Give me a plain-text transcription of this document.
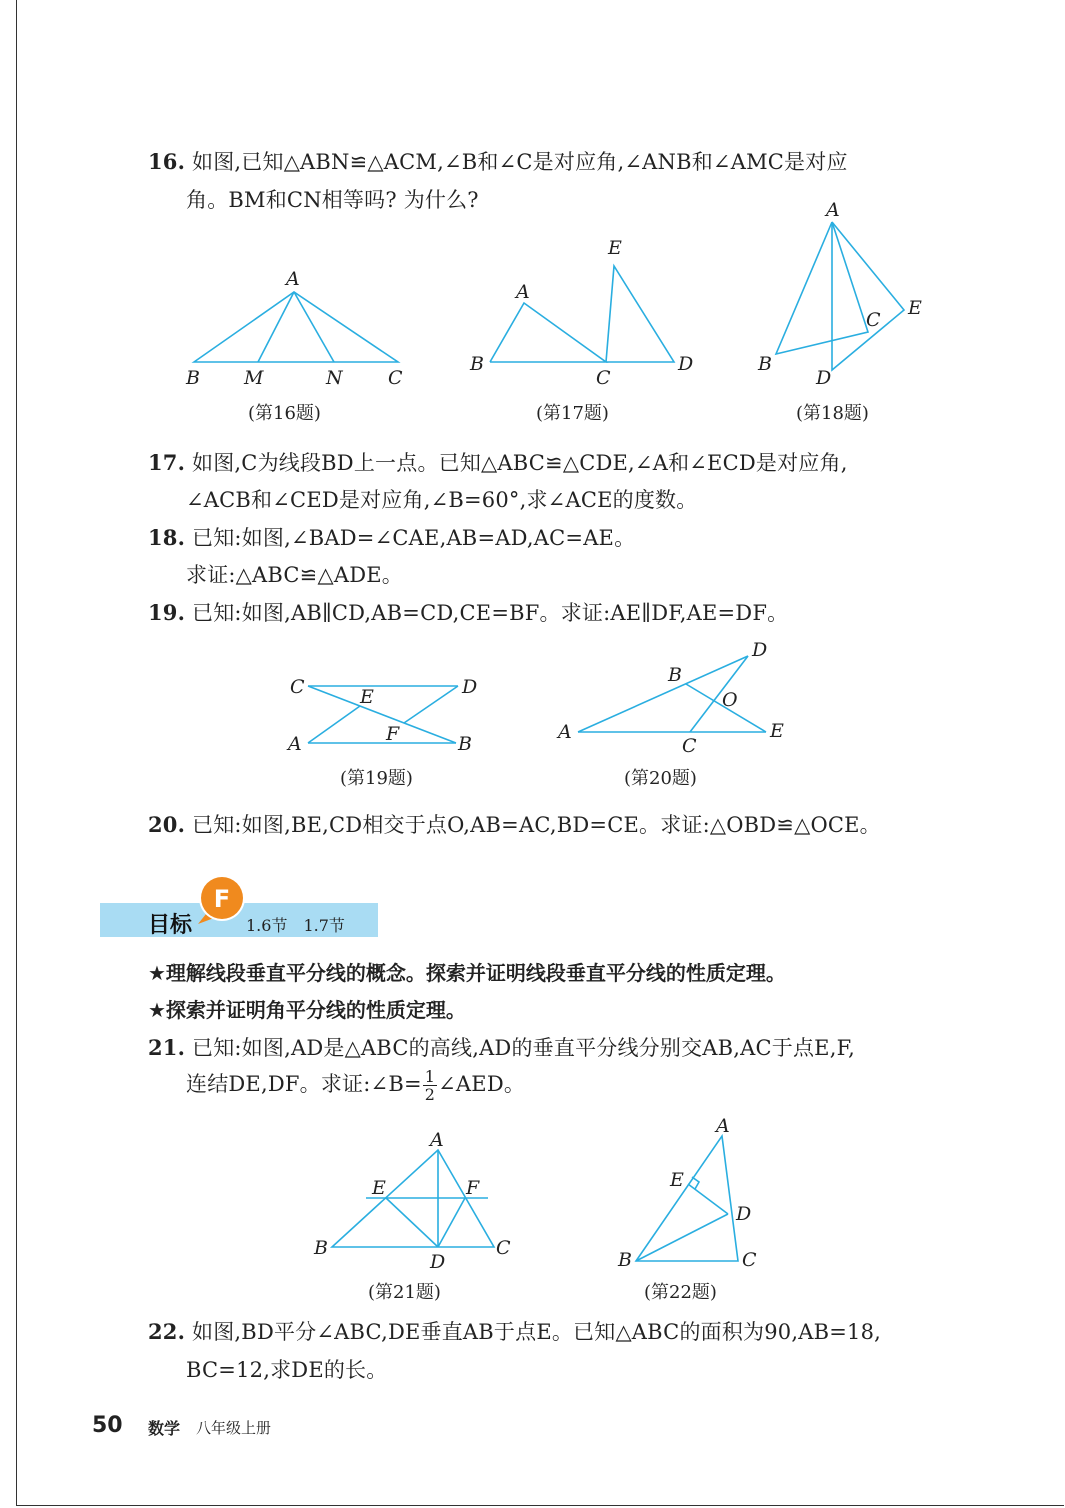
16. 如图,已知△ABN≌△ACM,∠B和∠C是对应角,∠ANB和∠AMC是对应
角。BM和CN相等吗? 为什么?
A
B M	N C
(第16题)
A
B
C
D
E
(第17题)
A
B
C
D
E
(第18题)
17. 如图,C为线段BD上一点。已知△ABC≌△CDE,∠A和∠ECD是对应角,
∠ACB和∠CED是对应角,∠B=60°,求∠ACE的度数。
18. 已知:如图,∠BAD=∠CAE,AB=AD,AC=AE。
求证:△ABC≌△ADE。
19. 已知:如图,AB∥CD,AB=CD,CE=BF。求证:AE∥DF,AE=DF。
C	D
E
F
A	B
(第19题)
D
B
O
A
C
E
(第20题)
20. 已知:如图,BE,CD相交于点O,AB=AC,BD=CE。求证:△OBD≌△OCE。
目标	1.6节　1.7节
F
★理解线段垂直平分线的概念。探索并证明线段垂直平分线的性质定理。
★探索并证明角平分线的性质定理。
21. 已知:如图,AD是△ABC的高线,AD的垂直平分线分别交AB,AC于点E,F,
连结DE,DF。求证:∠B= $\frac{1}{2}$ ∠AED。
A
E	F
B
D
C
(第21题)
A
E
D
B	C
(第22题)
22. 如图,BD平分∠ABC,DE垂直AB于点E。已知△ABC的面积为90,AB=18,
BC=12,求DE的长。
50 数学 八年级上册
